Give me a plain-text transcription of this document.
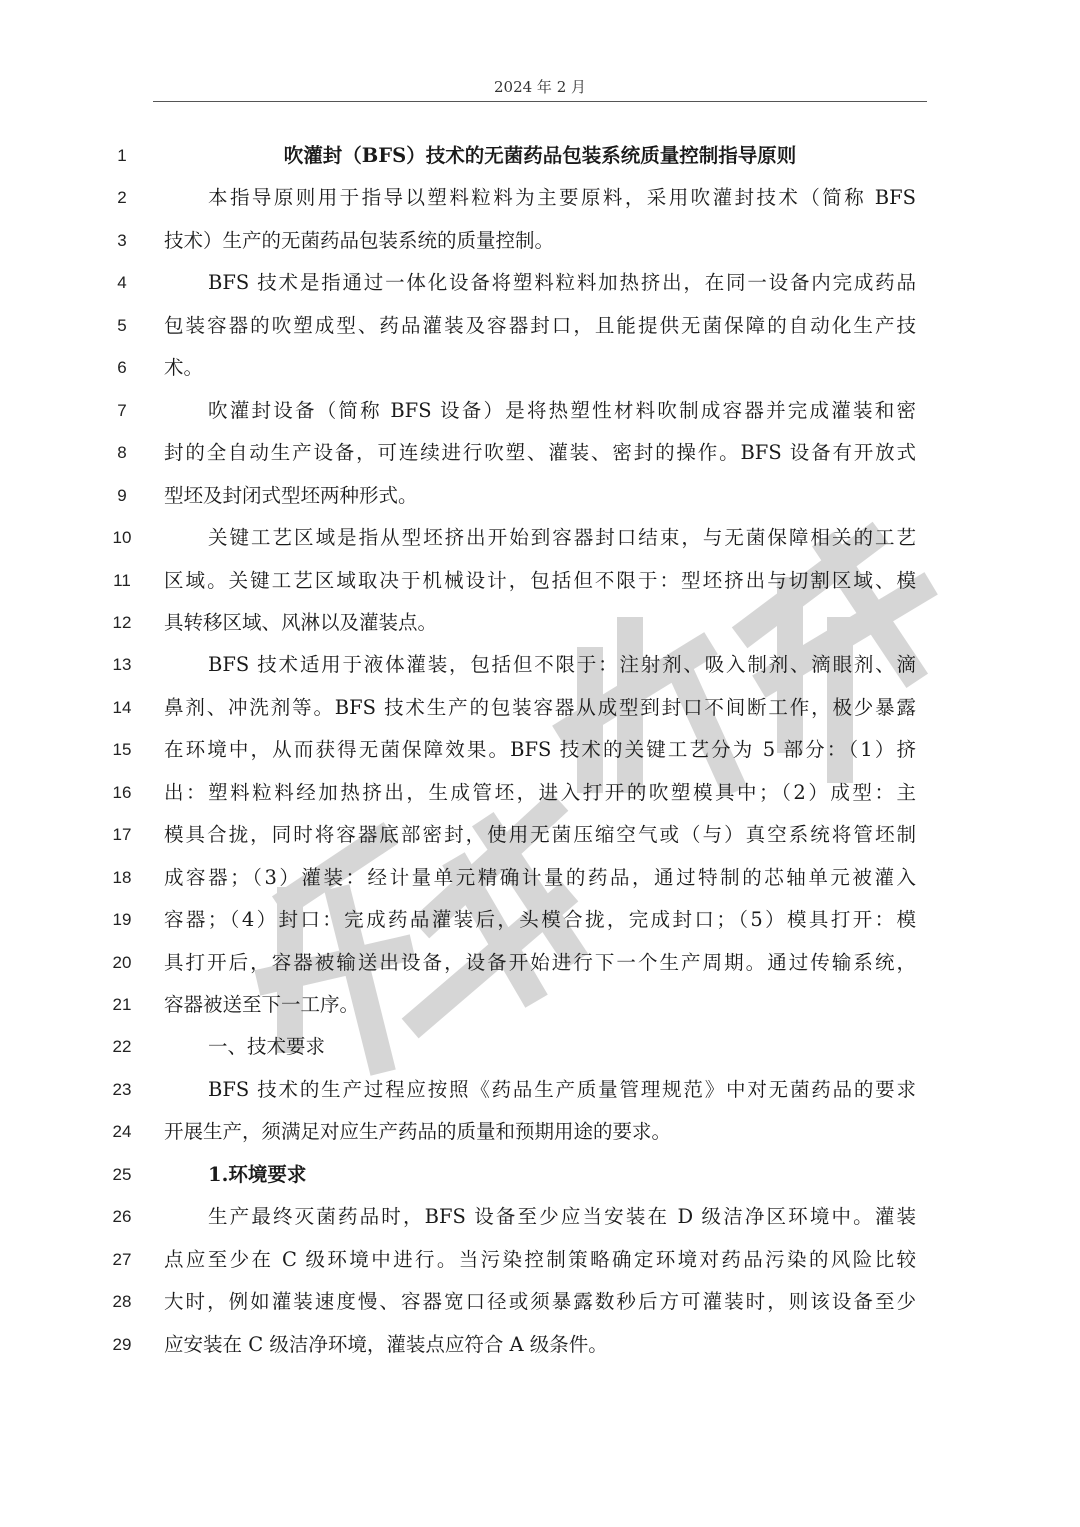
2024 年 2 月
1	吹灌封（BFS）技术的无菌药品包装系统质量控制指导原则
2	本指导原则用于指导以塑料粒料为主要原料，采用吹灌封技术（简称 BFS
3	技术）生产的无菌药品包装系统的质量控制。
4	BFS 技术是指通过一体化设备将塑料粒料加热挤出，在同一设备内完成药品
5	包装容器的吹塑成型、药品灌装及容器封口，且能提供无菌保障的自动化生产技
6	术。
7	吹灌封设备（简称 BFS 设备）是将热塑性材料吹制成容器并完成灌装和密
8	封的全自动生产设备，可连续进行吹塑、灌装、密封的操作。BFS 设备有开放式
9	型坯及封闭式型坯两种形式。
10	关键工艺区域是指从型坯挤出开始到容器封口结束，与无菌保障相关的工艺
11	区域。关键工艺区域取决于机械设计，包括但不限于：型坯挤出与切割区域、模
12	具转移区域、风淋以及灌装点。
13	BFS 技术适用于液体灌装，包括但不限于：注射剂、吸入制剂、滴眼剂、滴
14	鼻剂、冲洗剂等。BFS 技术生产的包装容器从成型到封口不间断工作，极少暴露
15	在环境中，从而获得无菌保障效果。BFS 技术的关键工艺分为 5 部分：（1）挤
16	出：塑料粒料经加热挤出，生成管坯，进入打开的吹塑模具中；（2）成型：主
17	模具合拢，同时将容器底部密封，使用无菌压缩空气或（与）真空系统将管坯制
18	成容器；（3）灌装：经计量单元精确计量的药品，通过特制的芯轴单元被灌入
19	容器；（4）封口：完成药品灌装后，头模合拢，完成封口；（5）模具打开：模
20	具打开后，容器被输送出设备，设备开始进行下一个生产周期。通过传输系统，
21	容器被送至下一工序。
22	一、技术要求
23	BFS 技术的生产过程应按照《药品生产质量管理规范》中对无菌药品的要求
24	开展生产，须满足对应生产药品的质量和预期用途的要求。
25	1.环境要求
26	生产最终灭菌药品时，BFS 设备至少应当安装在 D 级洁净区环境中。灌装
27	点应至少在 C 级环境中进行。当污染控制策略确定环境对药品污染的风险比较
28	大时，例如灌装速度慢、容器宽口径或须暴露数秒后方可灌装时，则该设备至少
29	应安装在 C 级洁净环境，灌装点应符合 A 级条件。
